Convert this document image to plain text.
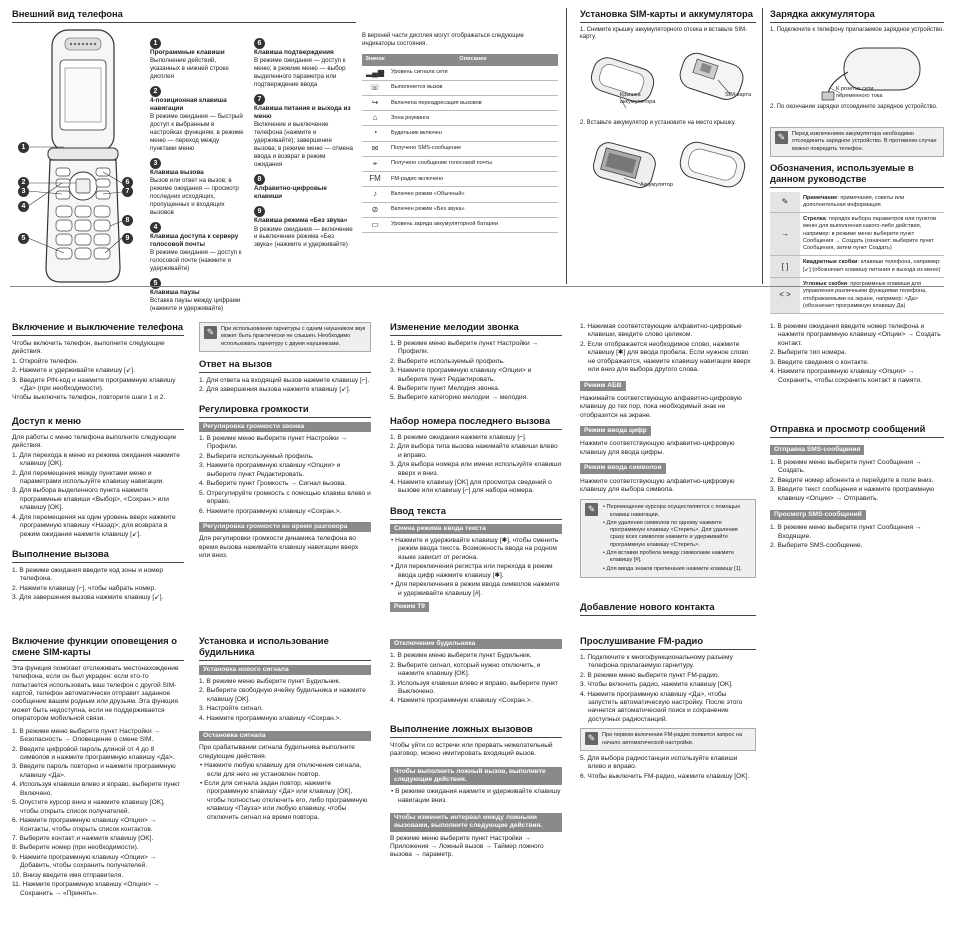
Внешний вид телефона
1
2
3
4
5
6
7
8
9
1
Программные клавиши
Выполнение действий, указанных в нижней строке дисплея
2
4-позиционная клавиша навигации
В режиме ожидания — быстрый доступ к выбранным в настройках функциям; в режиме меню — переход между пунктами меню
3
Клавиша вызова
Вызов или ответ на вызов; в режиме ожидания — просмотр последних исходящих, пропущенных и входящих вызовов
4
Клавиша доступа к серверу голосовой почты
В режиме ожидания — доступ к голосовой почте (нажмите и удерживайте)
5
Клавиша паузы
Вставка паузы между цифрами (нажмите и удерживайте)
6
Клавиша подтверждения
В режиме ожидания — доступ к меню; в режиме меню — выбор выделенного параметра или подтверждение ввода
7
Клавиша питания и выхода из меню
Включение и выключение телефона (нажмите и удерживайте); завершение вызова; в режиме меню — отмена ввода и возврат в режим ожидания
8
Алфавитно-цифровые клавиши
9
Клавиша режима «Без звука»
В режиме ожидания — включение и выключение режима «Без звука» (нажмите и удерживайте)

В верхней части дисплея могут отображаться следующие индикаторы состояния.

Значок	Описание
▂▄▆	Уровень сигнала сети
☏	Выполняется вызов
↪	Включена переадресация вызовов
⌂	Зона роуминга
◔	Будильник включен
✉	Получено SMS-сообщение
⌖	Получено сообщение голосовой почты
FM	FM-радио включено
♪	Включен режим «Обычный»
⊘	Включен режим «Без звука»
▭	Уровень заряда аккумуляторной батареи
Установка SIM-карты и аккумулятора

1. Снимите крышку аккумуляторного отсека и вставьте SIM-карту.

Крышка аккумулятора
SIM-карта
2. Вставьте аккумулятор и установите на место крышку.
Аккумулятор
Зарядка аккумулятора

1. Подключите к телефону прилагаемое зарядное устройство.

К розетке сети переменного тока
2. По окончании зарядки отсоедините зарядное устройство.
✎	Перед извлечением аккумулятора необходимо отсоединить зарядное устройство. В противном случае можно повредить телефон.
Обозначения, используемые в данном руководстве
✎	Примечание: примечания, советы или дополнительная информация
→	Стрелка: порядок выбора параметров или пунктов меню для выполнения какого-либо действия, например: в режиме меню выберите пункт Сообщения → Создать (означает: выберите пункт Сообщения, затем пункт Создать)
[ ]	Квадратные скобки: клавиши телефона, например: [↙] (обозначает клавишу питания и выхода из меню)
< >	Угловые скобки: программные клавиши для управления различными функциями телефона, отображаемыми на экране, например: <Да> (обозначает программную клавишу Да)
Включение и выключение телефона

Чтобы включить телефон, выполните следующие действия.

1. Откройте телефон.
2. Нажмите и удерживайте клавишу [↙].
3. Введите PIN-код и нажмите программную клавишу <Да> (при необходимости).

Чтобы выключить телефон, повторите шаги 1 и 2.

Доступ к меню

Для работы с меню телефона выполните следующие действия.

1. Для перехода в меню из режима ожидания нажмите клавишу [OK].
2. Для перемещения между пунктами меню и параметрами используйте клавишу навигации.
3. Для выбора выделенного пункта нажмите программные клавиши <Выбор>, <Сохран.> или клавишу [OK].
4. Для перемещения на один уровень вверх нажмите программную клавишу <Назад>; для возврата в режим ожидания нажмите клавишу [↙].
Выполнение вызова
1. В режиме ожидания введите код зоны и номер телефона.
2. Нажмите клавишу [⌐], чтобы набрать номер.
3. Для завершения вызова нажмите клавишу [↙].
Включение функции оповещения о смене SIM-карты

Эта функция помогает отслеживать местонахождение телефона, если он был украден: если кто-то попытается использовать ваш телефон с другой SIM-картой, телефон автоматически отправит заданное сообщение вашим родным или друзьям. Эта функция может быть недоступна, если не поддерживается оператором мобильной связи.

1. В режиме меню выберите пункт Настройки → Безопасность → Оповещение о смене SIM.
2. Введите цифровой пароль длиной от 4 до 8 символов и нажмите программную клавишу <Да>.
3. Введите пароль повторно и нажмите программную клавишу <Да>.
4. Используя клавиши влево и вправо, выберите пункт Включено.
5. Опустите курсор вниз и нажмите клавишу [OK], чтобы открыть список получателей.
6. Нажмите программную клавишу <Опции> → Контакты, чтобы открыть список контактов.
7. Выберите контакт и нажмите клавишу [OK].
8. Выберите номер (при необходимости).
9. Нажмите программную клавишу <Опции> → Добавить, чтобы сохранить получателей.
10. Внизу введите имя отправителя.
11. Нажмите программную клавишу <Опции> → Сохранить → «Принять».
✎	При использовании гарнитуры с одним наушником звук может быть практически не слышен. Необходимо использовать гарнитуру с двумя наушниками.
Ответ на вызов
1. Для ответа на входящий вызов нажмите клавишу [⌐].
2. Для завершения вызова нажмите клавишу [↙].
Регулировка громкости
Регулировка громкости звонка
1. В режиме меню выберите пункт Настройки → Профили.
2. Выберите используемый профиль.
3. Нажмите программную клавишу <Опции> и выберите пункт Редактировать.
4. Выберите пункт Громкость → Сигнал вызова.
5. Отрегулируйте громкость с помощью клавиш влево и вправо.
6. Нажмите программную клавишу <Сохран.>.
Регулировка громкости во время разговора

Для регулировки громкости динамика телефона во время вызова нажимайте клавишу навигации вверх или вниз.

Установка и использование будильника
Установка нового сигнала
1. В режиме меню выберите пункт Будильник.
2. Выберите свободную ячейку будильника и нажмите клавишу [OK].
3. Настройте сигнал.
4. Нажмите программную клавишу <Сохран.>.
Остановка сигнала

При срабатывании сигнала будильника выполните следующие действия.

• Нажмите любую клавишу для отключения сигнала, если для него не установлен повтор.
• Если для сигнала задан повтор, нажмите программную клавишу <Да> или клавишу [OK], чтобы полностью отключить его, либо программную клавишу <Пауза> или любую клавишу, чтобы отключить сигнал на время повтора.
Изменение мелодии звонка
1. В режиме меню выберите пункт Настройки → Профили.
2. Выберите используемый профиль.
3. Нажмите программную клавишу <Опции> и выберите пункт Редактировать.
4. Выберите пункт Мелодия звонка.
5. Выберите категорию мелодии → мелодия.
Набор номера последнего вызова
1. В режиме ожидания нажмите клавишу [⌐].
2. Для выбора типа вызова нажимайте клавиши влево и вправо.
3. Для выбора номера или имени используйте клавиши вверх и вниз.
4. Нажмите клавишу [OK] для просмотра сведений о вызове или клавишу [⌐] для набора номера.
Ввод текста
Смена режима ввода текста
• Нажмите и удерживайте клавишу [✱], чтобы сменить режим ввода текста. Возможность ввода на родном языке зависит от региона.
• Для переключения регистра или перехода в режим ввода цифр нажмите клавишу [✱].
• Для переключения в режим ввода символов нажмите и удерживайте клавишу [#].
Режим Т9
Отключение будильника
1. В режиме меню выберите пункт Будильник.
2. Выберите сигнал, который нужно отключить, и нажмите клавишу [OK].
3. Используя клавиши влево и вправо, выберите пункт Выключено.
4. Нажмите программную клавишу <Сохран.>.
Выполнение ложных вызовов

Чтобы уйти со встречи или прервать нежелательный разговор, можно имитировать входящий вызов.

Чтобы выполнить ложный вызов, выполните следующие действия.
• В режиме ожидания нажмите и удерживайте клавишу навигации вниз.
Чтобы изменить интервал между ложными вызовами, выполните следующие действия.

В режиме меню выберите пункт Настройки → Приложения → Ложный вызов → Таймер ложного вызова → параметр.

1. Нажимая соответствующие алфавитно-цифровые клавиши, введите слово целиком.
2. Если отображается необходимое слово, нажмите клавишу [✱] для ввода пробела. Если нужное слово не отображается, нажмите клавишу навигации вверх или вниз для выбора другого слова.
Режим АБВ

Нажимайте соответствующую алфавитно-цифровую клавишу до тех пор, пока необходимый знак не отобразится на экране.

Режим ввода цифр

Нажмите соответствующую алфавитно-цифровую клавишу для ввода цифры.

Режим ввода символов

Нажмите соответствующую алфавитно-цифровую клавишу для выбора символа.

✎	• Перемещение курсора осуществляется с помощью клавиш навигации.
• Для удаления символов по одному нажмите программную клавишу <Стереть>. Для удаления сразу всех символов нажмите и удерживайте программную клавишу <Стереть>.
• Для вставки пробела между символами нажмите клавишу [#].
• Для ввода знаков препинания нажмите клавишу [1].
Добавление нового контакта
Прослушивание FM-радио
1. Подключите к многофункциональному разъему телефона прилагаемую гарнитуру.
2. В режиме меню выберите пункт FM-радио.
3. Чтобы включить радио, нажмите клавишу [OK].
4. Нажмите программную клавишу <Да>, чтобы запустить автоматическую настройку. После этого начнется автоматический поиск и сохранение доступных радиостанций.
✎	При первом включении FM-радио появится запрос на начало автоматической настройки.
5. Для выбора радиостанции используйте клавиши влево и вправо.
6. Чтобы выключить FM-радио, нажмите клавишу [OK].
1. В режиме ожидания введите номер телефона и нажмите программную клавишу <Опции> → Создать контакт.
2. Выберите тип номера.
3. Введите сведения о контакте.
4. Нажмите программную клавишу <Опции> → Сохранить, чтобы сохранить контакт в памяти.
Отправка и просмотр сообщений
Отправка SMS-сообщения
1. В режиме меню выберите пункт Сообщения → Создать.
2. Введите номер абонента и перейдите в поле вниз.
3. Введите текст сообщения и нажмите программную клавишу <Опции> → Отправить.
Просмотр SMS-сообщений
1. В режиме меню выберите пункт Сообщения → Входящие.
2. Выберите SMS-сообщение.
